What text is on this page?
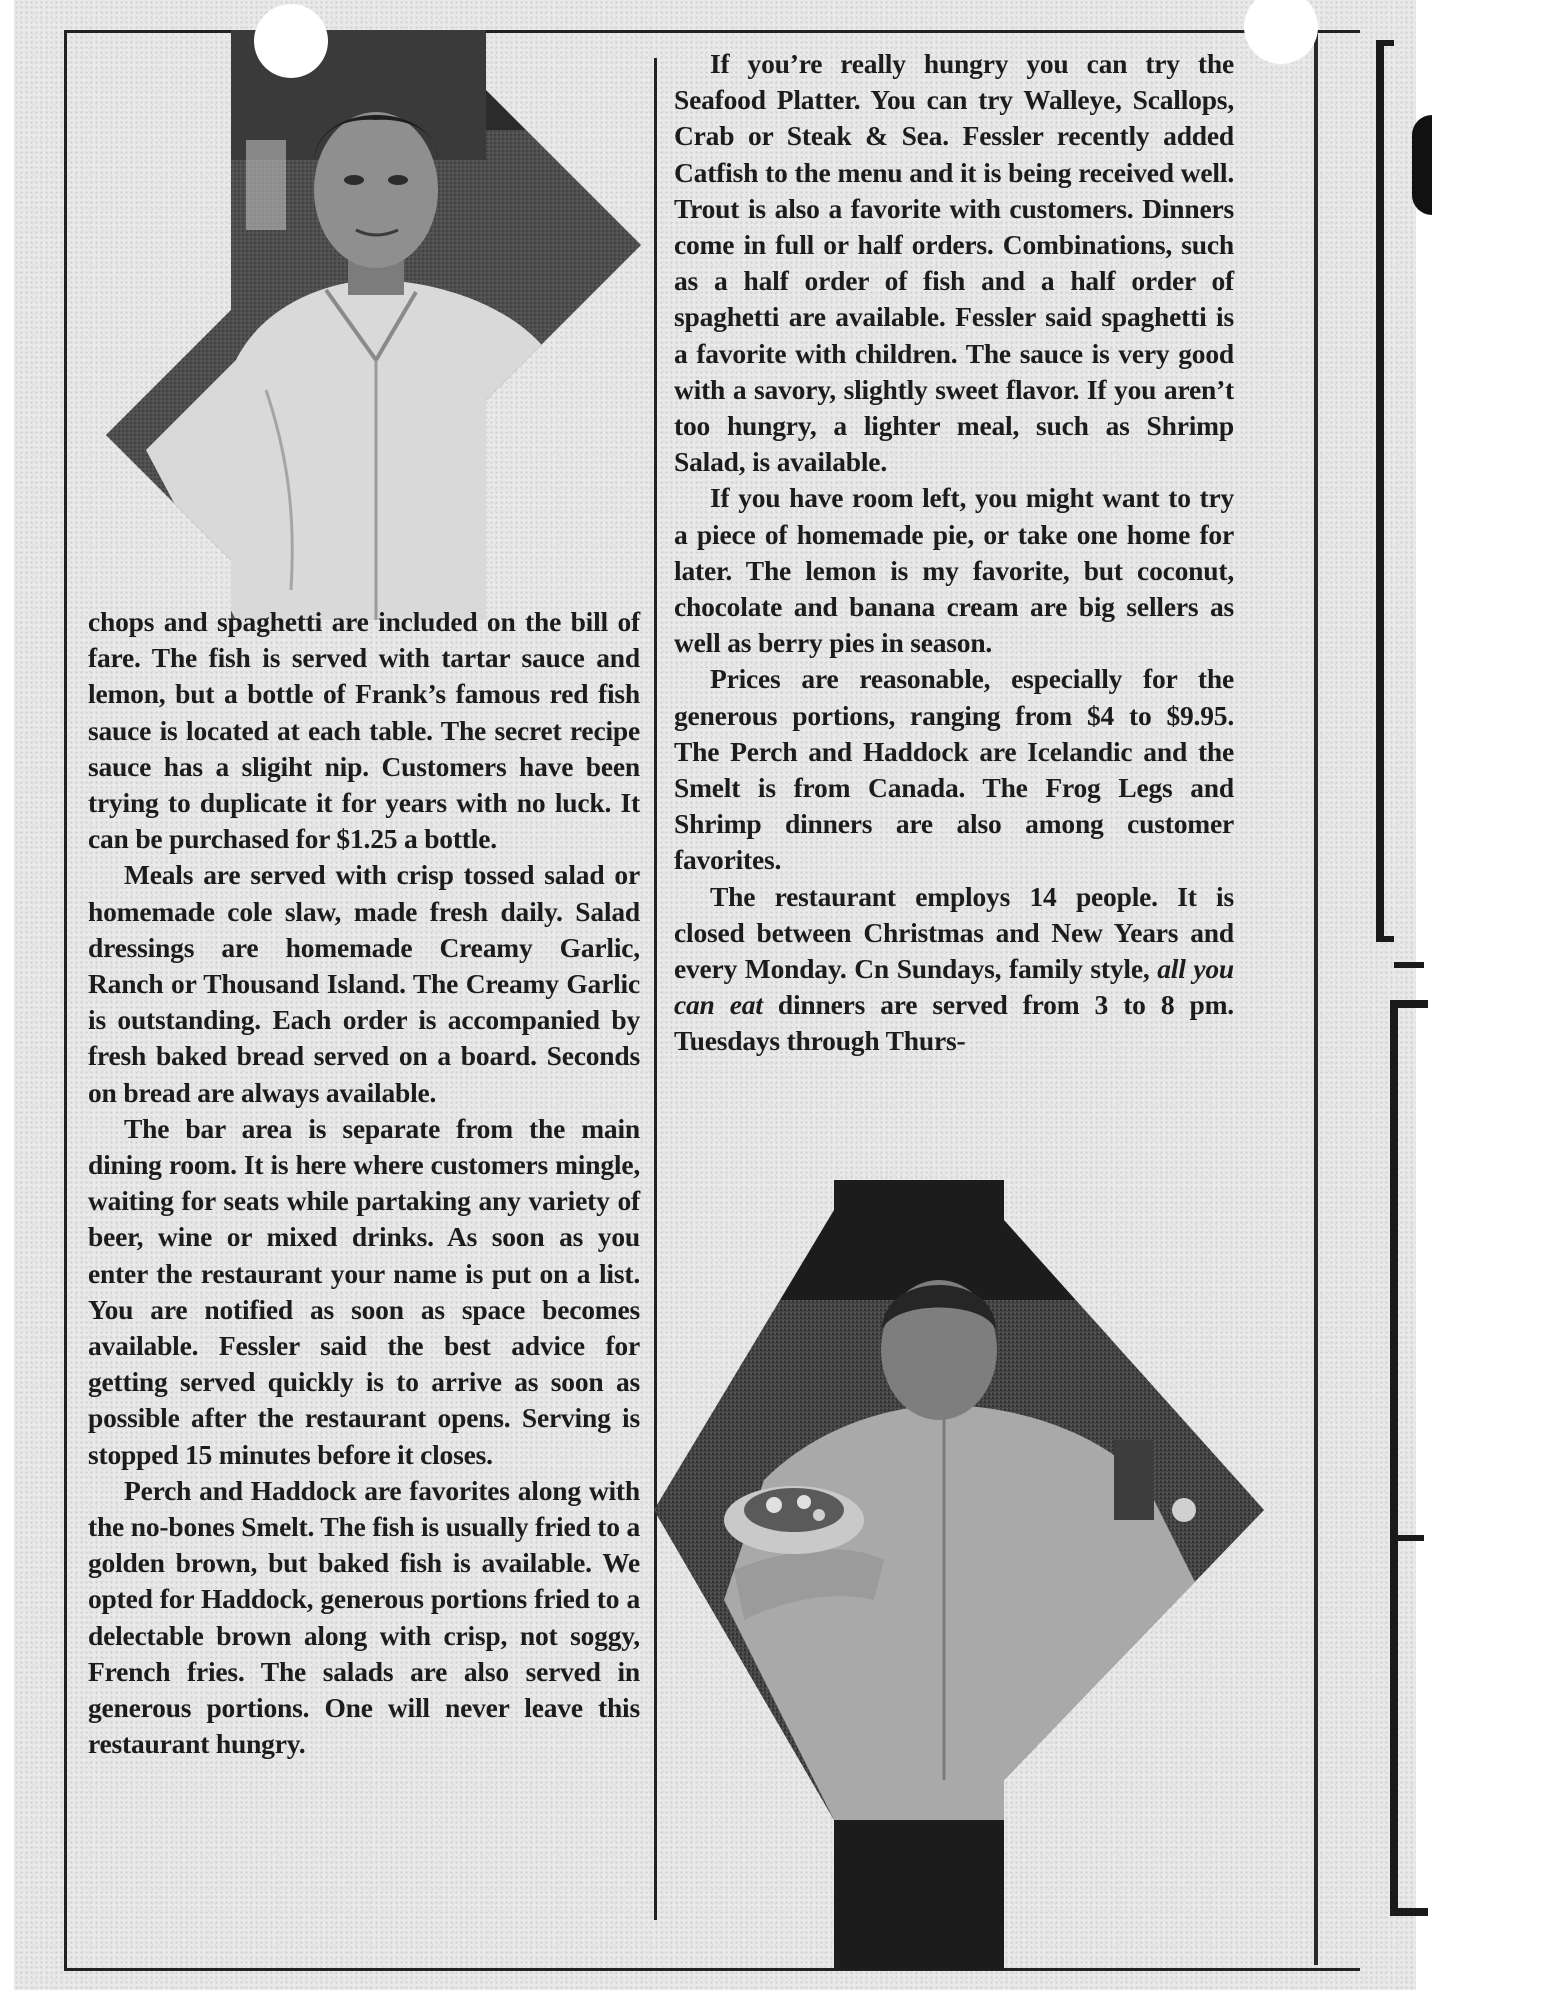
chops and spaghetti are included on the bill of fare. The fish is served with tartar sauce and lemon, but a bottle of Frank’s famous red fish sauce is located at each table. The secret recipe sauce has a sligiht nip. Customers have been trying to duplicate it for years with no luck. It can be purchased for $1.25 a bottle.

Meals are served with crisp tossed salad or homemade cole slaw, made fresh daily. Salad dressings are homemade Creamy Garlic, Ranch or Thousand Island. The Creamy Garlic is outstanding. Each order is accompanied by fresh baked bread served on a board. Seconds on bread are always available.

The bar area is separate from the main dining room. It is here where customers mingle, waiting for seats while partaking any variety of beer, wine or mixed drinks. As soon as you enter the restaurant your name is put on a list. You are notified as soon as space becomes available. Fessler said the best advice for getting served quickly is to arrive as soon as possible after the restaurant opens. Serving is stopped 15 minutes before it closes.

Perch and Haddock are favorites along with the no-bones Smelt. The fish is usually fried to a golden brown, but baked fish is available. We opted for Haddock, generous portions fried to a delectable brown along with crisp, not soggy, French fries. The salads are also served in generous portions. One will never leave this restaurant hungry.

If you’re really hungry you can try the Seafood Platter. You can try Walleye, Scallops, Crab or Steak & Sea. Fessler recently added Catfish to the menu and it is being received well. Trout is also a favorite with customers. Dinners come in full or half orders. Combinations, such as a half order of fish and a half order of spaghetti are available. Fessler said spaghetti is a favorite with children. The sauce is very good with a savory, slightly sweet flavor. If you aren’t too hungry, a lighter meal, such as Shrimp Salad, is available.

If you have room left, you might want to try a piece of homemade pie, or take one home for later. The lemon is my favorite, but coconut, chocolate and banana cream are big sellers as well as berry pies in season.

Prices are reasonable, especially for the generous portions, ranging from $4 to $9.95. The Perch and Haddock are Icelandic and the Smelt is from Canada. The Frog Legs and Shrimp dinners are also among customer favorites.

The restaurant employs 14 people. It is closed between Christmas and New Years and every Monday. Cn Sundays, family style, all you can eat dinners are served from 3 to 8 pm. Tuesdays through Thurs-
